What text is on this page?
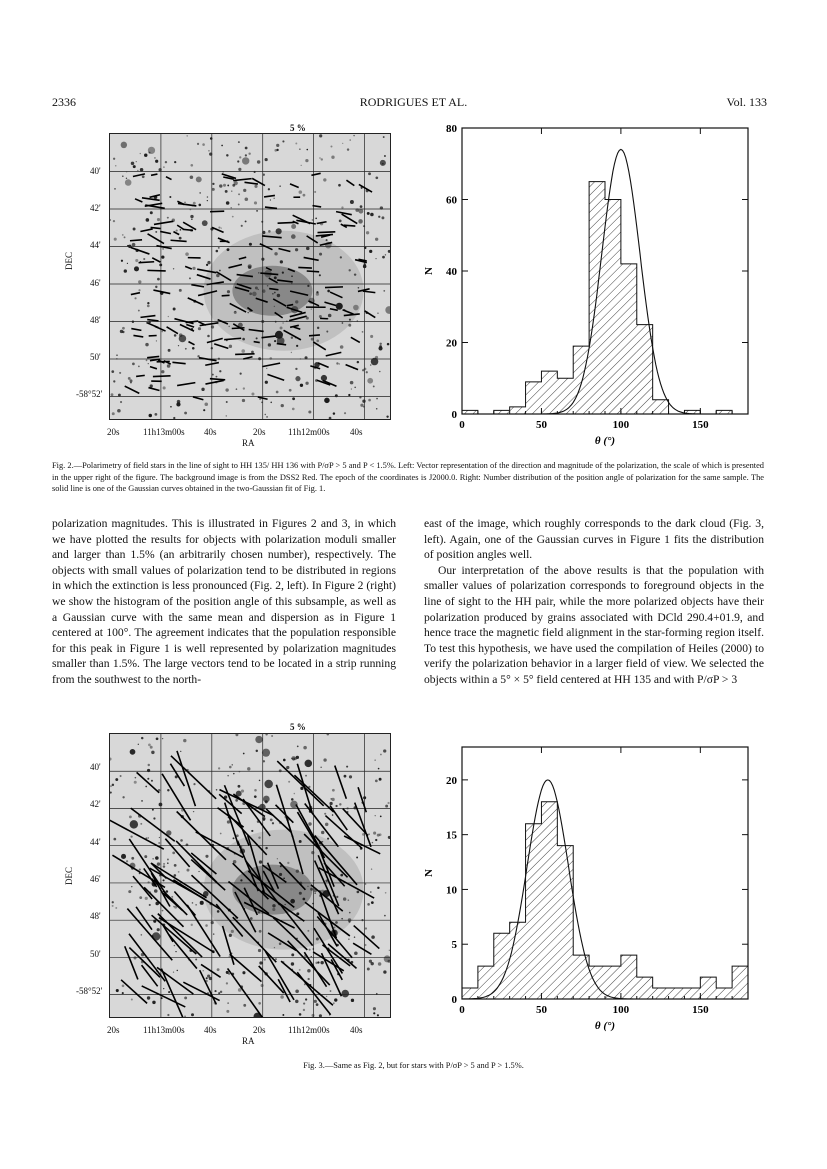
2336	RODRIGUES ET AL.	Vol. 133
5 %
DEC
40'
42'
44'
46'
48'
50'
-58°52'
20s	11h13m00s 40s	20s 11h12m00s 40s
RA
0	50	100	150
0
20
40
60
80
θ (°)
N
Fig. 2.—Polarimetry of field stars in the line of sight to HH 135/ HH 136 with P/σP > 5 and P < 1.5%. Left: Vector representation of the direction and magnitude of the polarization, the scale of which is presented in the upper right of the figure. The background image is from the DSS2 Red. The epoch of the coordinates is J2000.0. Right: Number distribution of the position angle of polarization for the same sample. The solid line is one of the Gaussian curves obtained in the two-Gaussian fit of Fig. 1.

polarization magnitudes. This is illustrated in Figures 2 and 3, in which we have plotted the results for objects with polarization moduli smaller and larger than 1.5% (an arbitrarily chosen number), respectively. The objects with small values of polarization tend to be distributed in regions in which the extinction is less pronounced (Fig. 2, left). In Figure 2 (right) we show the histogram of the position angle of this subsample, as well as a Gaussian curve with the same mean and dispersion as in Figure 1 centered at 100°. The agreement indicates that the population responsible for this peak in Figure 1 is well represented by polarization magnitudes smaller than 1.5%. The large vectors tend to be located in a strip running from the southwest to the north-

east of the image, which roughly corresponds to the dark cloud (Fig. 3, left). Again, one of the Gaussian curves in Figure 1 fits the distribution of position angles well.

Our interpretation of the above results is that the population with smaller values of polarization corresponds to foreground objects in the line of sight to the HH pair, while the more polarized objects have their polarization produced by grains associated with DCld 290.4+01.9, and hence trace the magnetic field alignment in the star-forming region itself. To test this hypothesis, we have used the compilation of Heiles (2000) to verify the polarization behavior in a larger field of view. We selected the objects within a 5° × 5° field centered at HH 135 and with P/σP > 3

5 %
DEC
40'
42'
44'
46'
48'
50'
-58°52'
20s	11h13m00s 40s	20s 11h12m00s 40s
RA
0	50	100	150
0
5
10
15
20
θ (°)
N
Fig. 3.—Same as Fig. 2, but for stars with P/σP > 5 and P > 1.5%.
